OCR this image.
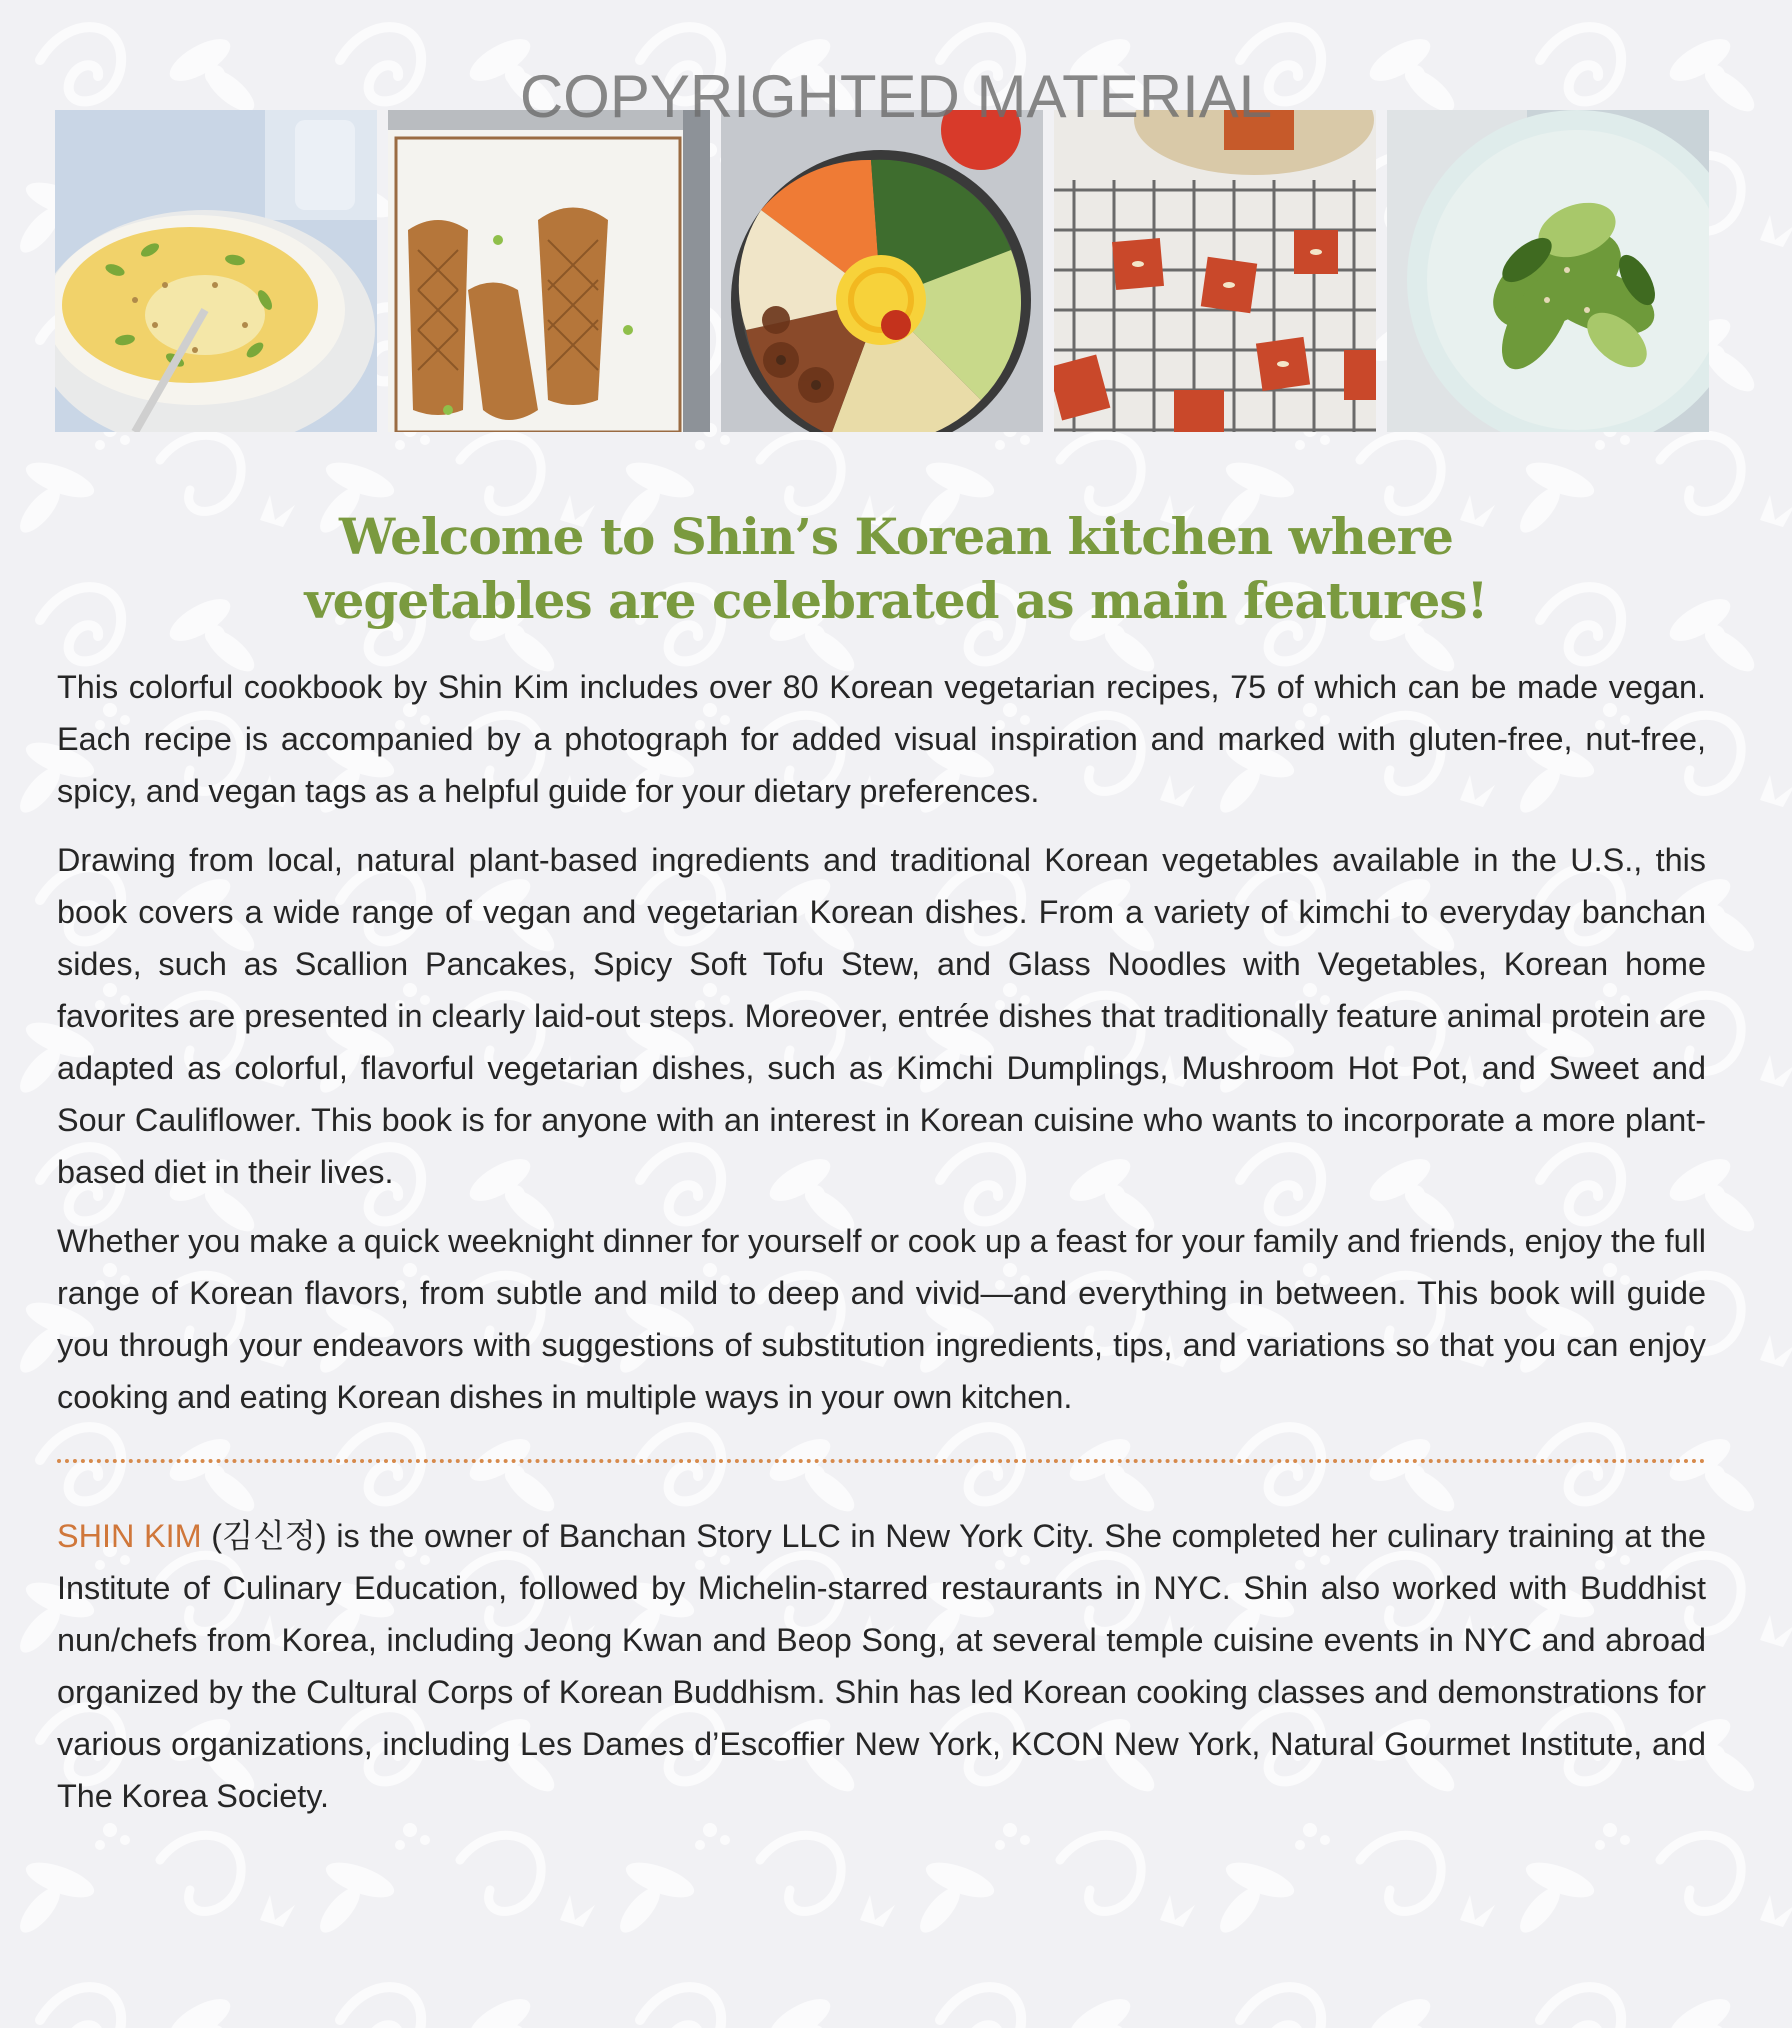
COPYRIGHTED MATERIAL

Welcome to Shin’s Korean kitchen where
vegetables are celebrated as main features!

This colorful cookbook by Shin Kim includes over 80 Korean vegetarian recipes, 75 of which can be made vegan. Each recipe is accompanied by a photograph for added visual inspiration and marked with gluten-free, nut-free, spicy, and vegan tags as a helpful guide for your dietary preferences.

Drawing from local, natural plant-based ingredients and traditional Korean vegetables available in the U.S., this book covers a wide range of vegan and vegetarian Korean dishes. From a variety of kimchi to everyday banchan sides, such as Scallion Pancakes, Spicy Soft Tofu Stew, and Glass Noodles with Vegetables, Korean home favorites are presented in clearly laid-out steps. Moreover, entrée dishes that traditionally feature animal protein are adapted as colorful, flavorful vegetarian dishes, such as Kimchi Dumplings, Mushroom Hot Pot, and Sweet and Sour Cauliflower. This book is for anyone with an interest in Korean cuisine who wants to incorporate a more plant-based diet in their lives.

Whether you make a quick weeknight dinner for yourself or cook up a feast for your family and friends, enjoy the full range of Korean flavors, from subtle and mild to deep and vivid—and everything in between. This book will guide you through your endeavors with suggestions of substitution ingredients, tips, and variations so that you can enjoy cooking and eating Korean dishes in multiple ways in your own kitchen.

SHIN KIM (김신정) is the owner of Banchan Story LLC in New York City. She completed her culinary training at the Institute of Culinary Education, followed by Michelin-starred restaurants in NYC. Shin also worked with Buddhist nun/chefs from Korea, including Jeong Kwan and Beop Song, at several temple cuisine events in NYC and abroad organized by the Cultural Corps of Korean Buddhism. Shin has led Korean cooking classes and demonstrations for various organizations, including Les Dames d’Escoffier New York, KCON New York, Natural Gourmet Institute, and The Korea Society.
